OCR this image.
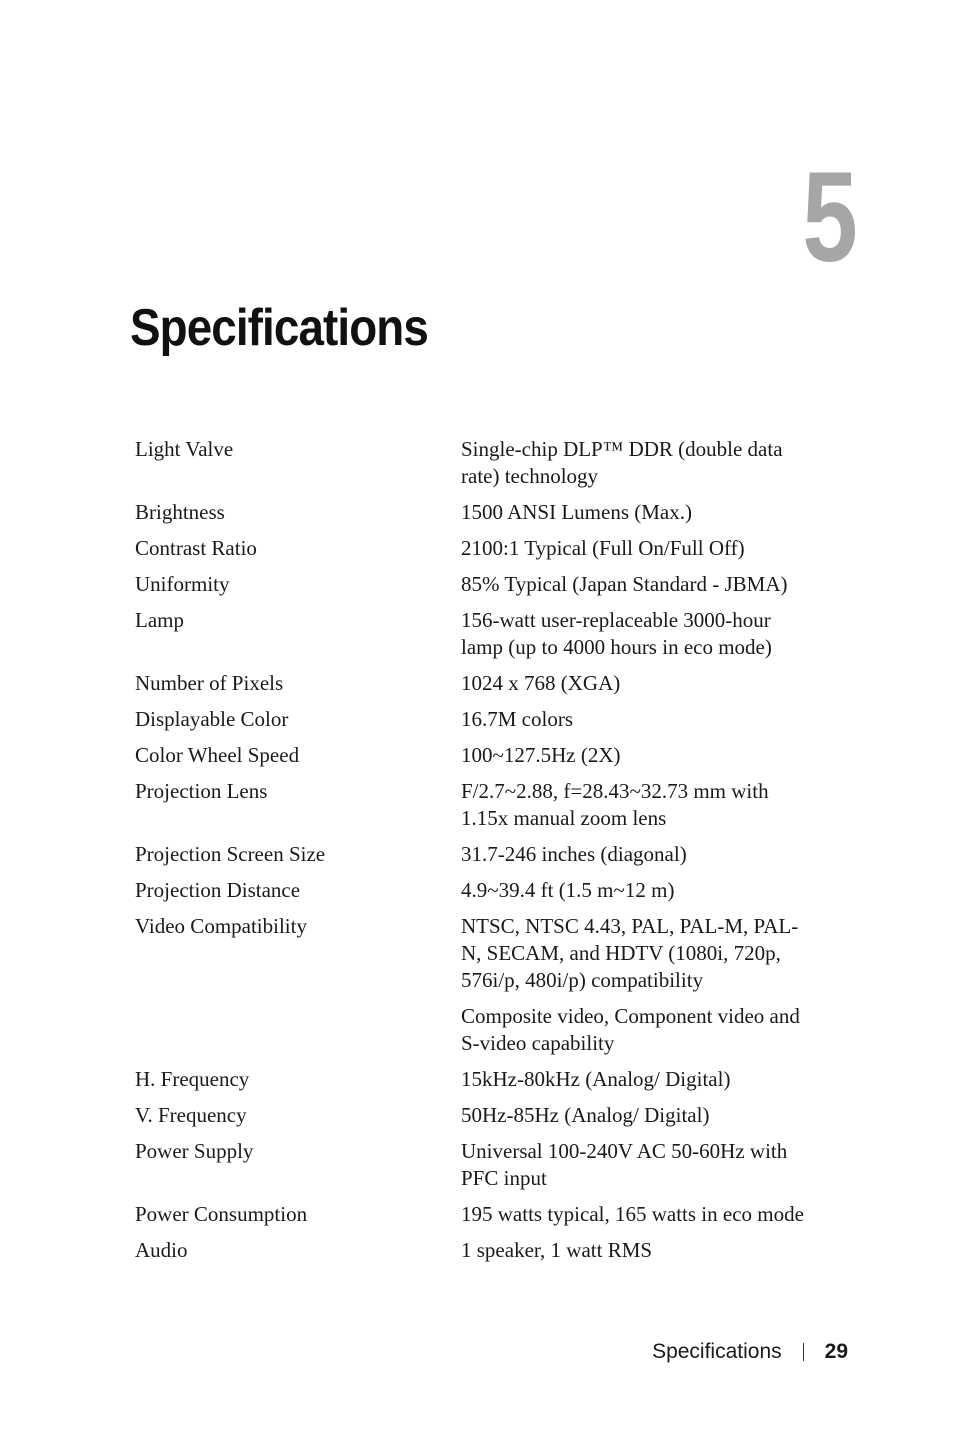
5
Specifications
Light Valve	Single-chip DLP™ DDR (double data rate) technology

Brightness	1500 ANSI Lumens (Max.)

Contrast Ratio	2100:1 Typical (Full On/Full Off)

Uniformity	85% Typical (Japan Standard - JBMA)

Lamp	156-watt user-replaceable 3000-hour lamp (up to 4000 hours in eco mode)

Number of Pixels	1024 x 768 (XGA)

Displayable Color	16.7M colors

Color Wheel Speed	100~127.5Hz (2X)

Projection Lens	F/2.7~2.88, f=28.43~32.73 mm with 1.15x manual zoom lens

Projection Screen Size	31.7-246 inches (diagonal)

Projection Distance	4.9~39.4 ft (1.5 m~12 m)

Video Compatibility	NTSC, NTSC 4.43, PAL, PAL-M, PAL-N, SECAM, and HDTV (1080i, 720p, 576i/p, 480i/p) compatibility

Composite video, Component video and S-video capability

H. Frequency	15kHz-80kHz (Analog/ Digital)

V. Frequency	50Hz-85Hz (Analog/ Digital)

Power Supply	Universal 100-240V AC 50-60Hz with PFC input

Power Consumption	195 watts typical, 165 watts in eco mode

Audio	1 speaker, 1 watt RMS

Specifications 29
